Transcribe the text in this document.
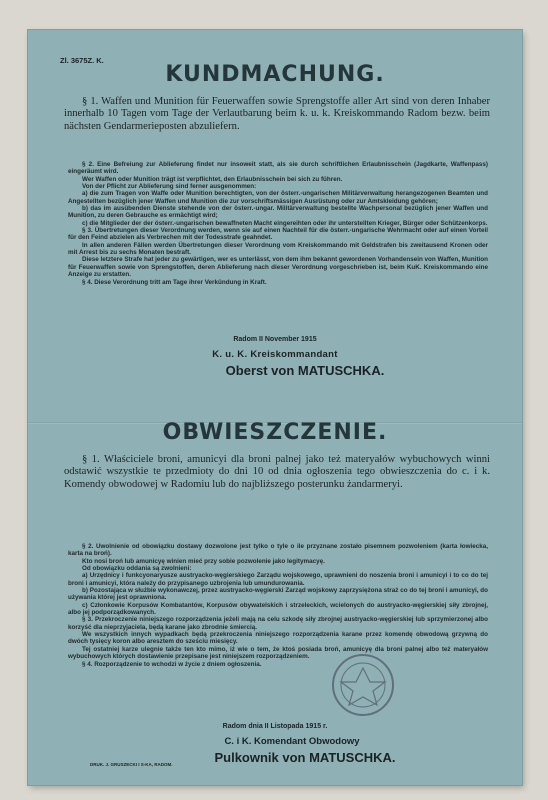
Zl. 3675Z. K.
KUNDMACHUNG.
§ 1. Waffen und Munition für Feuerwaffen sowie Sprengstoffe aller Art sind von deren Inhaber innerhalb 10 Tagen vom Tage der Verlautbarung beim k. u. k. Kreiskommando Radom bezw. beim nächsten Gendarmerieposten abzuliefern.

§ 2. Eine Befreiung zur Ablieferung findet nur insoweit statt, als sie durch schriftlichen Erlaubnisschein (Jagdkarte, Waffenpass) eingeräumt wird.

Wer Waffen oder Munition trägt ist verpflichtet, den Erlaubnisschein bei sich zu führen.

Von der Pflicht zur Ablieferung sind ferner ausgenommen:

a) die zum Tragen von Waffe oder Munition berechtigten, von der österr.-ungarischen Militärverwaltung herangezogenen Beamten und Angestellten bezüglich jener Waffen und Munition die zur vorschriftsmässigen Ausrüstung oder zur Amtskleidung gehören;

b) das im ausübenden Dienste stehende von der österr.-ungar. Militärverwaltung bestellte Wachpersonal bezüglich jener Waffen und Munition, zu deren Gebrauche es ermächtigt wird;

c) die Mitglieder der der österr.-ungarischen bewaffneten Macht eingereihten oder ihr unterstellten Krieger, Bürger oder Schützenkorps.

§ 3. Übertretungen dieser Verordnung werden, wenn sie auf einen Nachteil für die österr.-ungarische Wehrmacht oder auf einen Vorteil für den Feind abzielen als Verbrechen mit der Todesstrafe geahndet.

In allen anderen Fällen werden Übertretungen dieser Verordnung vom Kreiskommando mit Geldstrafen bis zweitausend Kronen oder mit Arrest bis zu sechs Monaten bestraft.

Diese letztere Strafe hat jeder zu gewärtigen, wer es unterlässt, von dem ihm bekannt gewordenen Vorhandensein von Waffen, Munition für Feuerwaffen sowie von Sprengstoffen, deren Ablieferung nach dieser Verordnung vorgeschrieben ist, beim KuK. Kreiskommando eine Anzeige zu erstatten.

§ 4. Diese Verordnung tritt am Tage ihrer Verkündung in Kraft.

Radom II November 1915
K. u. K. Kreiskommandant
Oberst von MATUSCHKA.
OBWIESZCZENIE.
§ 1. Właściciele broni, amunicyi dla broni palnej jako też materyałów wybuchowych winni odstawić wszystkie te przedmioty do dni 10 od dnia ogłoszenia tego obwieszczenia do c. i k. Komendy obwodowej w Radomiu lub do najbliższego posterunku żandarmeryi.

§ 2. Uwolnienie od obowiązku dostawy dozwolone jest tylko o tyle o ile przyznane zostało pisemnem pozwoleniem (karta łowiecka, karta na broń).

Kto nosi broń lub amunicyę winien mieć przy sobie pozwolenie jako legitymacyę.

Od obowiązku oddania są zwolnieni:

a) Urzędnicy i funkcyonaryusze austryacko-węgierskiego Zarządu wojskowego, uprawnieni do noszenia broni i amunicyi i to co do tej broni i amunicyi, która należy do przypisanego uzbrojenia lub umundurowania.

b) Pozostająca w służbie wykonawczej, przez austryacko-węgierski Zarząd wojskowy zaprzysiężona straż co do tej broni i amunicyi, do używania której jest oprawniona.

c) Członkowie Korpusów Kombatantów, Korpusów obywatelskich i strzeleckich, wcielonych do austryacko-węgierskiej siły zbrojnej, albo jej podporządkowanych.

§ 3. Przekroczenie niniejszego rozporządzenia jeżeli mają na celu szkodę siły zbrojnej austryacko-węgierskiej lub sprzymierzonej albo korzyść dla nieprzyjaciela, będą karane jako zbrodnie śmiercią.

We wszystkich innych wypadkach będą przekroczenia niniejszego rozporządzenia karane przez komendę obwodową grzywną do dwóch tysięcy koron albo aresztem do sześciu miesięcy.

Tej ostatniej karze ulegnie także ten kto mimo, iż wie o tem, że ktoś posiada broń, amunicyę dla broni palnej albo też materyałów wybuchowych których dostawienie przepisane jest niniejszem rozporządzeniem.

§ 4. Rozporządzenie to wchodzi w życie z dniem ogłoszenia.

Radom dnia II Listopada 1915 r.
C. i K. Komendant Obwodowy
Pulkownik von MATUSCHKA.
DRUK. J. GRUSZECKI I S-KA, RADOM.
